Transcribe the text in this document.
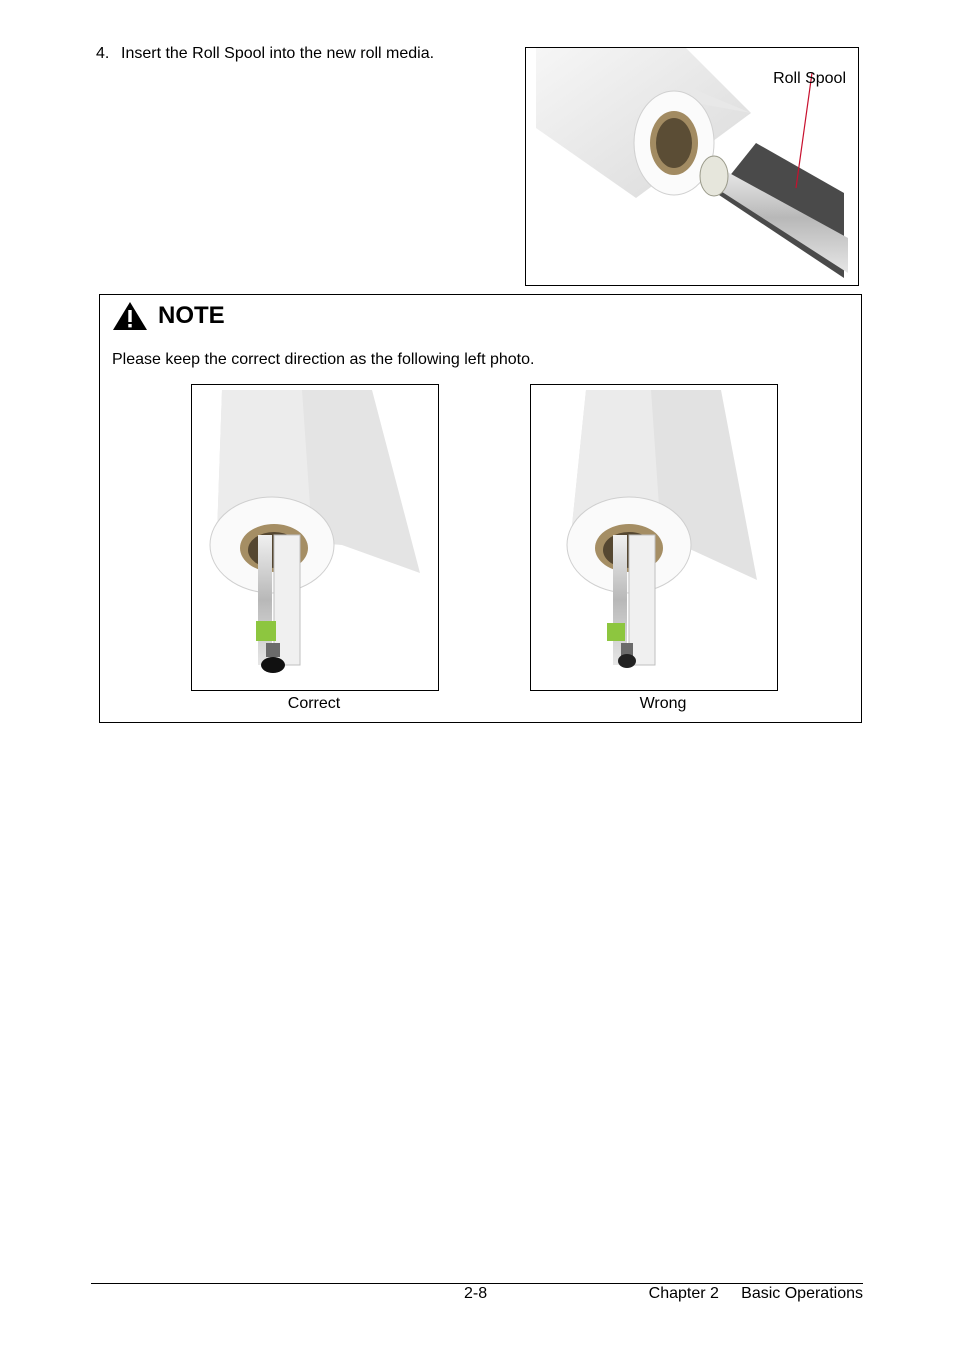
4. Insert the Roll Spool into the new roll media.
Roll Spool
NOTE
Please keep the correct direction as the following left photo.
Correct	Wrong
2-8	Chapter 2 Basic Operations
